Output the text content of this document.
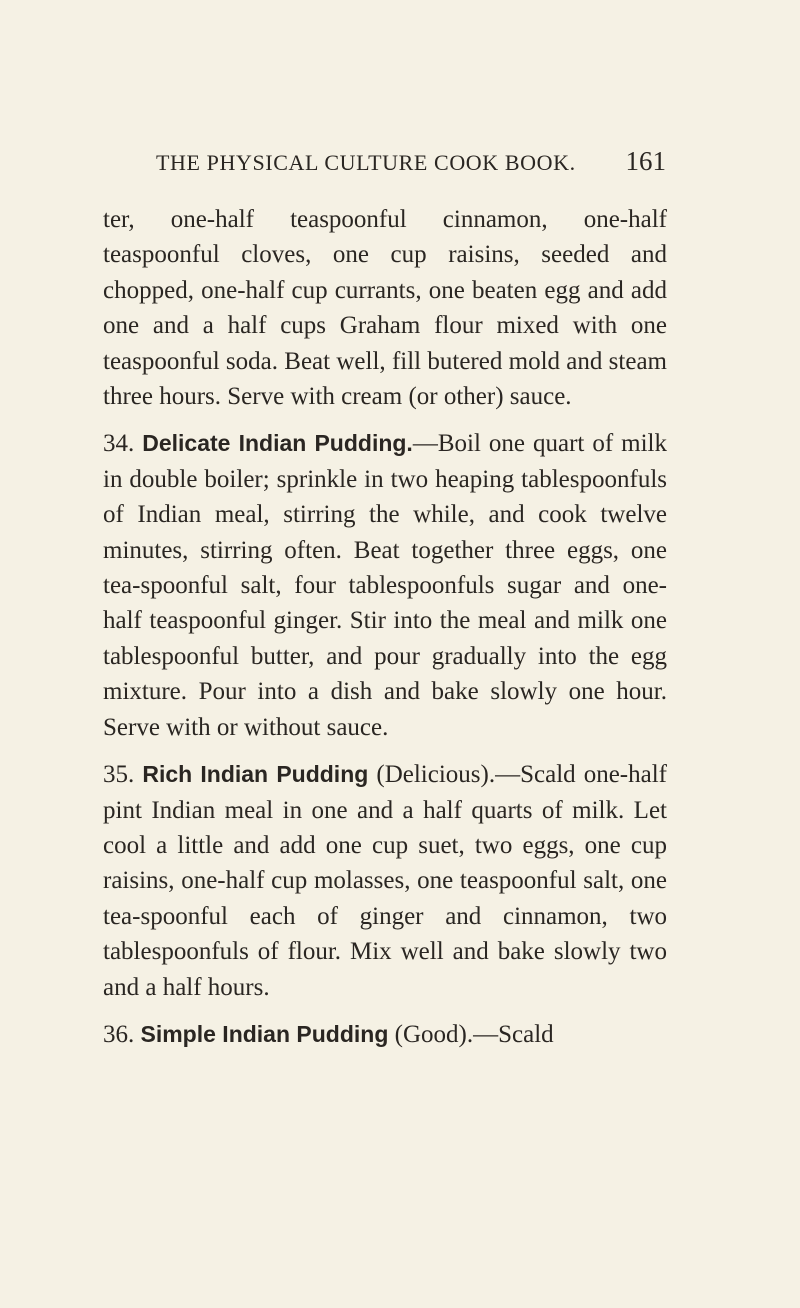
THE PHYSICAL CULTURE COOK BOOK. 161

ter, one-half teaspoonful cinnamon, one-half teaspoonful cloves, one cup raisins, seeded and chopped, one-half cup currants, one beaten egg and add one and a half cups Graham flour mixed with one teaspoonful soda. Beat well, fill butered mold and steam three hours. Serve with cream (or other) sauce.

34. Delicate Indian Pudding.—Boil one quart of milk in double boiler; sprinkle in two heaping tablespoonfuls of Indian meal, stirring the while, and cook twelve minutes, stirring often. Beat together three eggs, one tea-spoonful salt, four tablespoonfuls sugar and one-half teaspoonful ginger. Stir into the meal and milk one tablespoonful butter, and pour gradually into the egg mixture. Pour into a dish and bake slowly one hour. Serve with or without sauce.

35. Rich Indian Pudding (Delicious).—Scald one-half pint Indian meal in one and a half quarts of milk. Let cool a little and add one cup suet, two eggs, one cup raisins, one-half cup molasses, one teaspoonful salt, one tea-spoonful each of ginger and cinnamon, two tablespoonfuls of flour. Mix well and bake slowly two and a half hours.

36. Simple Indian Pudding (Good).—Scald
